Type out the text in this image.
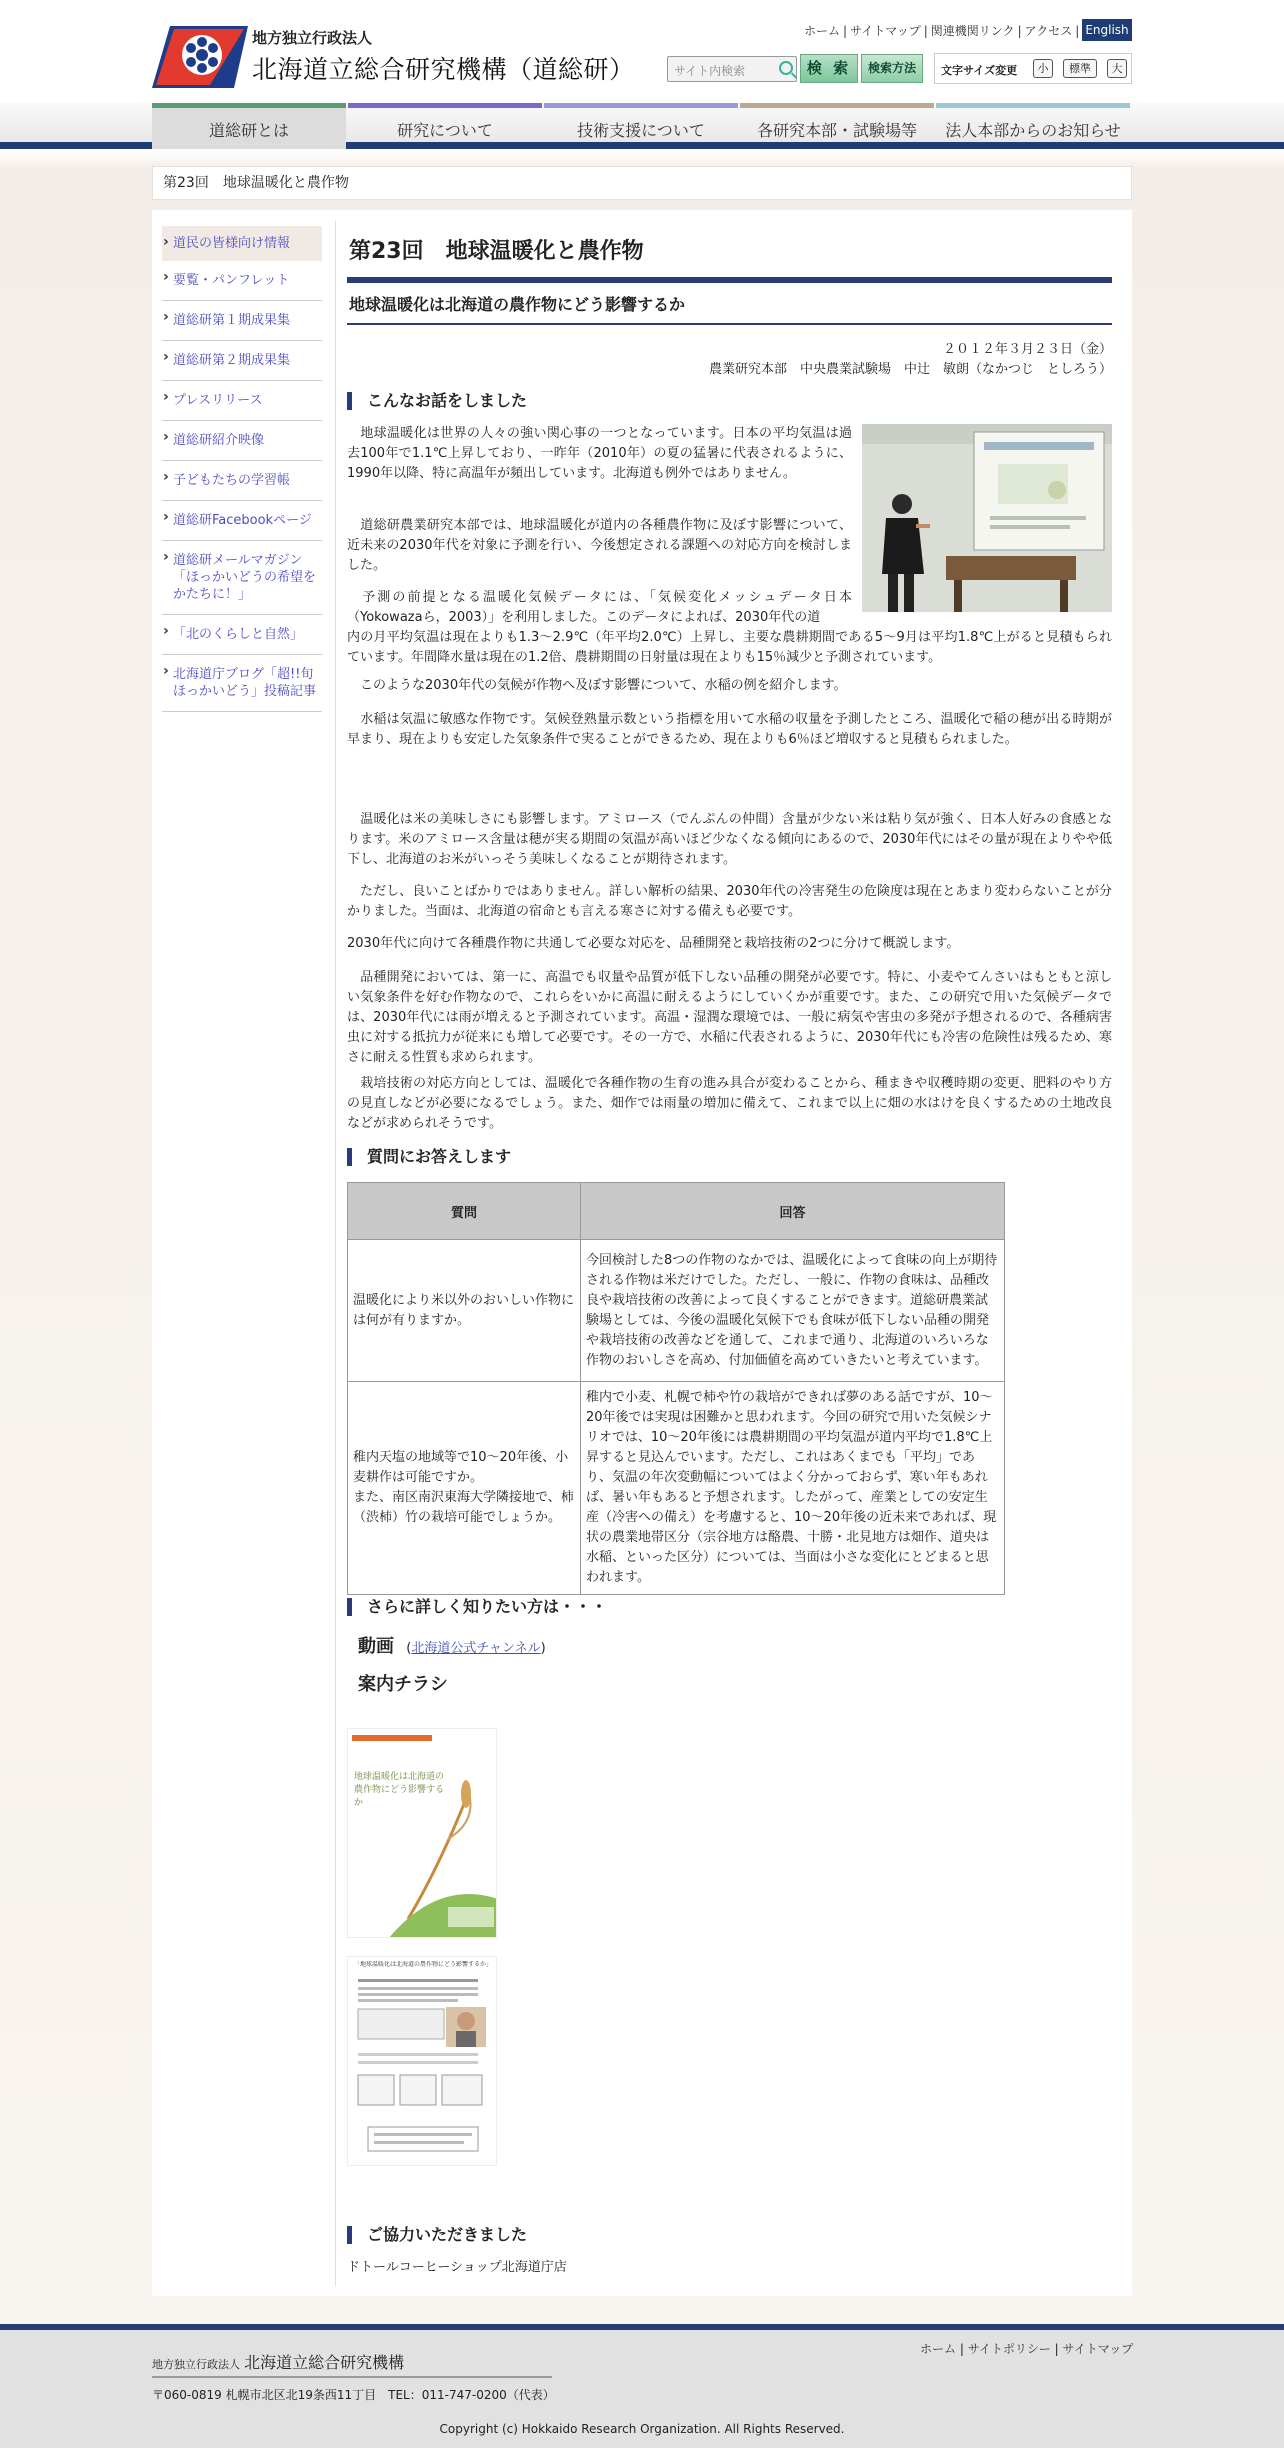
地方独立行政法人
北海道立総合研究機構（道総研）
ホーム | サイトマップ | 関連機関リンク | アクセス | English
サイト内検索	検 索	検索方法	文字サイズ変更	小	標準	大
道総研とは	研究について	技術支援について	各研究本部・試験場等	法人本部からのお知らせ
第23回　地球温暖化と農作物
› 道民の皆様向け情報
› 要覧・パンフレット
› 道総研第１期成果集
› 道総研第２期成果集
› プレスリリース
› 道総研紹介映像
› 子どもたちの学習帳
› 道総研Facebookページ
› 道総研メールマガジン「ほっかいどうの希望をかたちに！」
› 「北のくらしと自然」
› 北海道庁ブログ「超!!旬ほっかいどう」投稿記事
第23回　地球温暖化と農作物
地球温暖化は北海道の農作物にどう影響するか
２０１２年３月２３日（金）
農業研究本部　中央農業試験場　中辻　敏朗（なかつじ　としろう）
こんなお話をしました

　地球温暖化は世界の人々の強い関心事の一つとなっています。日本の平均気温は過去100年で1.1℃上昇しており、一昨年（2010年）の夏の猛暑に代表されるように、1990年以降、特に高温年が頻出しています。北海道も例外ではありません。

　道総研農業研究本部では、地球温暖化が道内の各種農作物に及ぼす影響について、近未来の2030年代を対象に予測を行い、今後想定される課題への対応方向を検討しました。

　予測の前提となる温暖化気候データには、「気候変化メッシュデータ日本（Yokowazaら，2003）」を利用しました。このデータによれば、2030年代の道

内の月平均気温は現在よりも1.3～2.9℃（年平均2.0℃）上昇し、主要な農耕期間である5～9月は平均1.8℃上がると見積もられています。年間降水量は現在の1.2倍、農耕期間の日射量は現在よりも15％減少と予測されています。

　このような2030年代の気候が作物へ及ぼす影響について、水稲の例を紹介します。

　水稲は気温に敏感な作物です。気候登熟量示数という指標を用いて水稲の収量を予測したところ、温暖化で稲の穂が出る時期が早まり、現在よりも安定した気象条件で実ることができるため、現在よりも6％ほど増収すると見積もられました。

　温暖化は米の美味しさにも影響します。アミロース（でんぷんの仲間）含量が少ない米は粘り気が強く、日本人好みの食感となります。米のアミロース含量は穂が実る期間の気温が高いほど少なくなる傾向にあるので、2030年代にはその量が現在よりやや低下し、北海道のお米がいっそう美味しくなることが期待されます。

　ただし、良いことばかりではありません。詳しい解析の結果、2030年代の冷害発生の危険度は現在とあまり変わらないことが分かりました。当面は、北海道の宿命とも言える寒さに対する備えも必要です。

2030年代に向けて各種農作物に共通して必要な対応を、品種開発と栽培技術の2つに分けて概説します。

　品種開発においては、第一に、高温でも収量や品質が低下しない品種の開発が必要です。特に、小麦やてんさいはもともと涼しい気象条件を好む作物なので、これらをいかに高温に耐えるようにしていくかが重要です。また、この研究で用いた気候データでは、2030年代には雨が増えると予測されています。高温・湿潤な環境では、一般に病気や害虫の多発が予想されるので、各種病害虫に対する抵抗力が従来にも増して必要です。その一方で、水稲に代表されるように、2030年代にも冷害の危険性は残るため、寒さに耐える性質も求められます。

　栽培技術の対応方向としては、温暖化で各種作物の生育の進み具合が変わることから、種まきや収穫時期の変更、肥料のやり方の見直しなどが必要になるでしょう。また、畑作では雨量の増加に備えて、これまで以上に畑の水はけを良くするための土地改良などが求められそうです。

質問にお答えします
質問	回答
温暖化により米以外のおいしい作物には何が有りますか。	今回検討した8つの作物のなかでは、温暖化によって食味の向上が期待される作物は米だけでした。ただし、一般に、作物の食味は、品種改良や栽培技術の改善によって良くすることができます。道総研農業試験場としては、今後の温暖化気候下でも食味が低下しない品種の開発や栽培技術の改善などを通して、これまで通り、北海道のいろいろな作物のおいしさを高め、付加価値を高めていきたいと考えています。
稚内天塩の地域等で10～20年後、小麦耕作は可能ですか。
また、南区南沢東海大学隣接地で、柿（渋柿）竹の栽培可能でしょうか。	稚内で小麦、札幌で柿や竹の栽培ができれば夢のある話ですが、10～20年後では実現は困難かと思われます。今回の研究で用いた気候シナリオでは、10～20年後には農耕期間の平均気温が道内平均で1.8℃上昇すると見込んでいます。ただし、これはあくまでも「平均」であり、気温の年次変動幅についてはよく分かっておらず、寒い年もあれば、暑い年もあると予想されます。したがって、産業としての安定生産（冷害への備え）を考慮すると、10～20年後の近未来であれば、現状の農業地帯区分（宗谷地方は酪農、十勝・北見地方は畑作、道央は水稲、といった区分）については、当面は小さな変化にとどまると思われます。
さらに詳しく知りたい方は・・・
動画 (北海道公式チャンネル)
案内チラシ
地球温暖化は北海道の農作物にどう影響するか
「地球温暖化は北海道の農作物にどう影響するか」
ご協力いただきました

ドトールコーヒーショップ北海道庁店

ホーム | サイトポリシー | サイトマップ
地方独立行政法人 北海道立総合研究機構
〒060-0819 札幌市北区北19条西11丁目　TEL：011-747-0200（代表）
Copyright (c) Hokkaido Research Organization. All Rights Reserved.
